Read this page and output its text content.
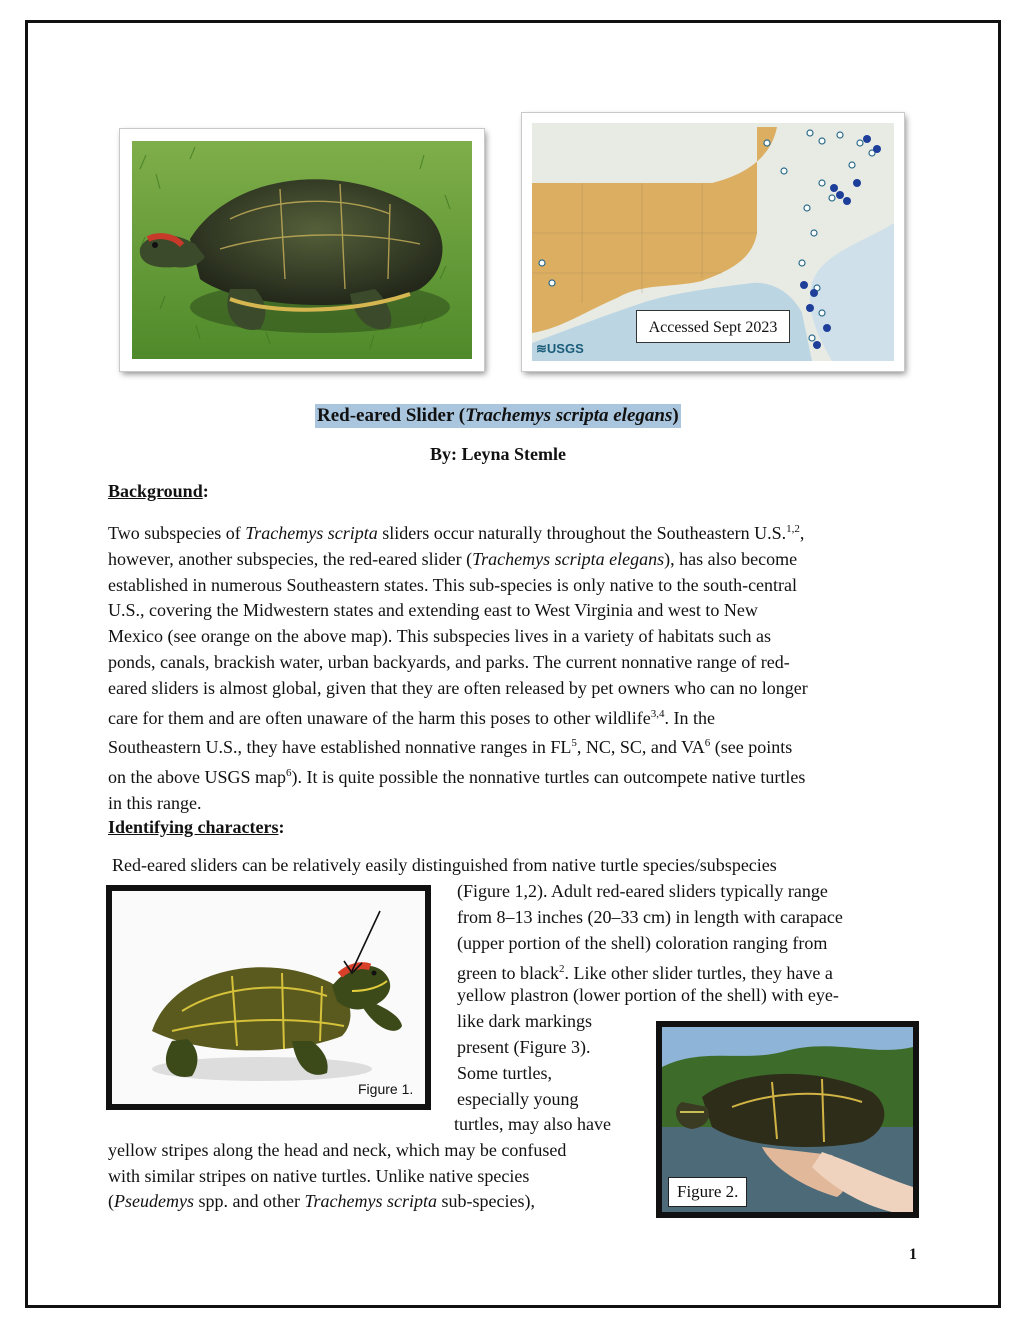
≋USGS
Accessed Sept 2023
Red-eared Slider (Trachemys scripta elegans)
By: Leyna Stemle
Background:
Two subspecies of Trachemys scripta sliders occur naturally throughout the Southeastern U.S.$^{1,2}$,
however, another subspecies, the red-eared slider (Trachemys scripta elegans), has also become
established in numerous Southeastern states. This sub-species is only native to the south-central
U.S., covering the Midwestern states and extending east to West Virginia and west to New
Mexico (see orange on the above map). This subspecies lives in a variety of habitats such as
ponds, canals, brackish water, urban backyards, and parks. The current nonnative range of red-
eared sliders is almost global, given that they are often released by pet owners who can no longer
care for them and are often unaware of the harm this poses to other wildlife$^{3,4}$. In the
Southeastern U.S., they have established nonnative ranges in $FL^5$, NC, SC, and $VA^6$ (see points
on the above USGS map$^6$). It is quite possible the nonnative turtles can outcompete native turtles
in this range.
Identifying characters:
Red-eared sliders can be relatively easily distinguished from native turtle species/subspecies
(Figure 1,2). Adult red-eared sliders typically range
from 8–13 inches (20–33 cm) in length with carapace
(upper portion of the shell) coloration ranging from
green to black$^2$. Like other slider turtles, they have a
yellow plastron (lower portion of the shell) with eye-
like dark markings
present (Figure 3).
Some turtles,
especially young
turtles, may also have
yellow stripes along the head and neck, which may be confused
with similar stripes on native turtles. Unlike native species
(Pseudemys spp. and other Trachemys scripta sub-species),
Figure 1.
Figure 2.
1
